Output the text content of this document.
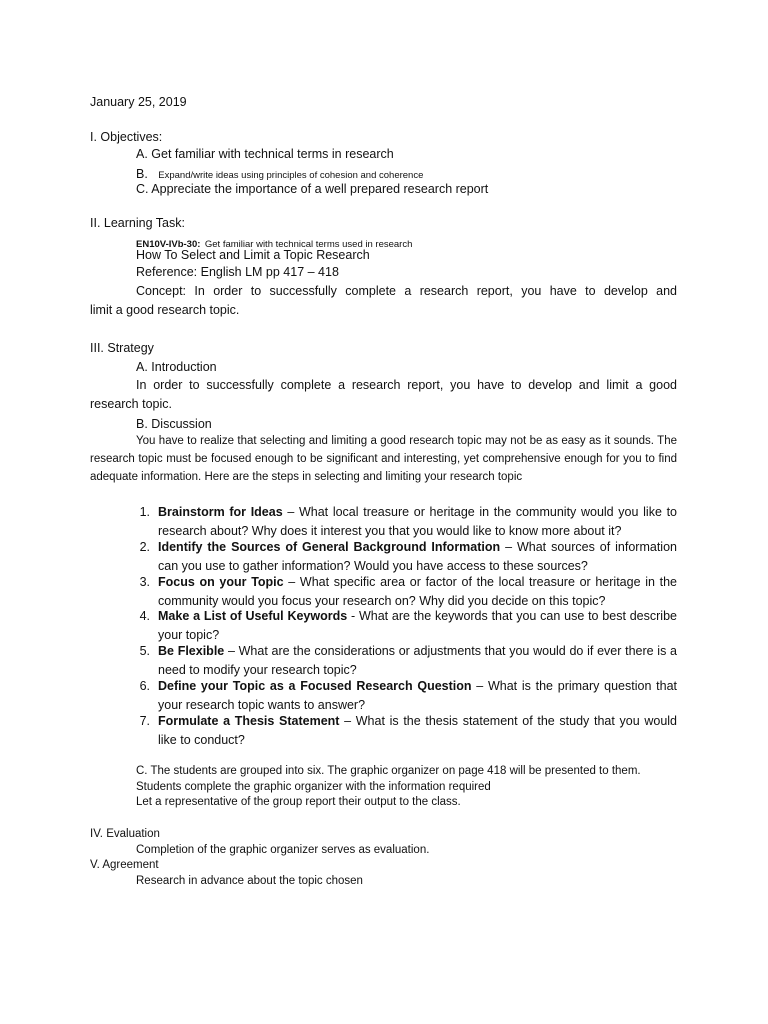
January 25, 2019
I. Objectives:
A. Get familiar with technical terms in research
B. Expand/write ideas using principles of cohesion and coherence
C. Appreciate the importance of a well prepared research report
II. Learning Task:
EN10V-IVb-30: Get familiar with technical terms used in research
How To Select and Limit a Topic Research
Reference: English LM pp 417 – 418
Concept: In order to successfully complete a research report, you have to develop and
limit a good research topic.
III. Strategy
A. Introduction
In order to successfully complete a research report, you have to develop and limit a good research topic.
B. Discussion
You have to realize that selecting and limiting a good research topic may not be as easy as it sounds. The research topic must be focused enough to be significant and interesting, yet comprehensive enough for you to find adequate information. Here are the steps in selecting and limiting your research topic
1. Brainstorm for Ideas – What local treasure or heritage in the community would you like to research about? Why does it interest you that you would like to know more about it?
2. Identify the Sources of General Background Information – What sources of information can you use to gather information? Would you have access to these sources?
3. Focus on your Topic – What specific area or factor of the local treasure or heritage in the community would you focus your research on? Why did you decide on this topic?
4. Make a List of Useful Keywords - What are the keywords that you can use to best describe your topic?
5. Be Flexible – What are the considerations or adjustments that you would do if ever there is a need to modify your research topic?
6. Define your Topic as a Focused Research Question – What is the primary question that your research topic wants to answer?
7. Formulate a Thesis Statement – What is the thesis statement of the study that you would like to conduct?
C. The students are grouped into six. The graphic organizer on page 418 will be presented to them.
Students complete the graphic organizer with the information required
Let a representative of the group report their output to the class.
IV. Evaluation
Completion of the graphic organizer serves as evaluation.
V. Agreement
Research in advance about the topic chosen
